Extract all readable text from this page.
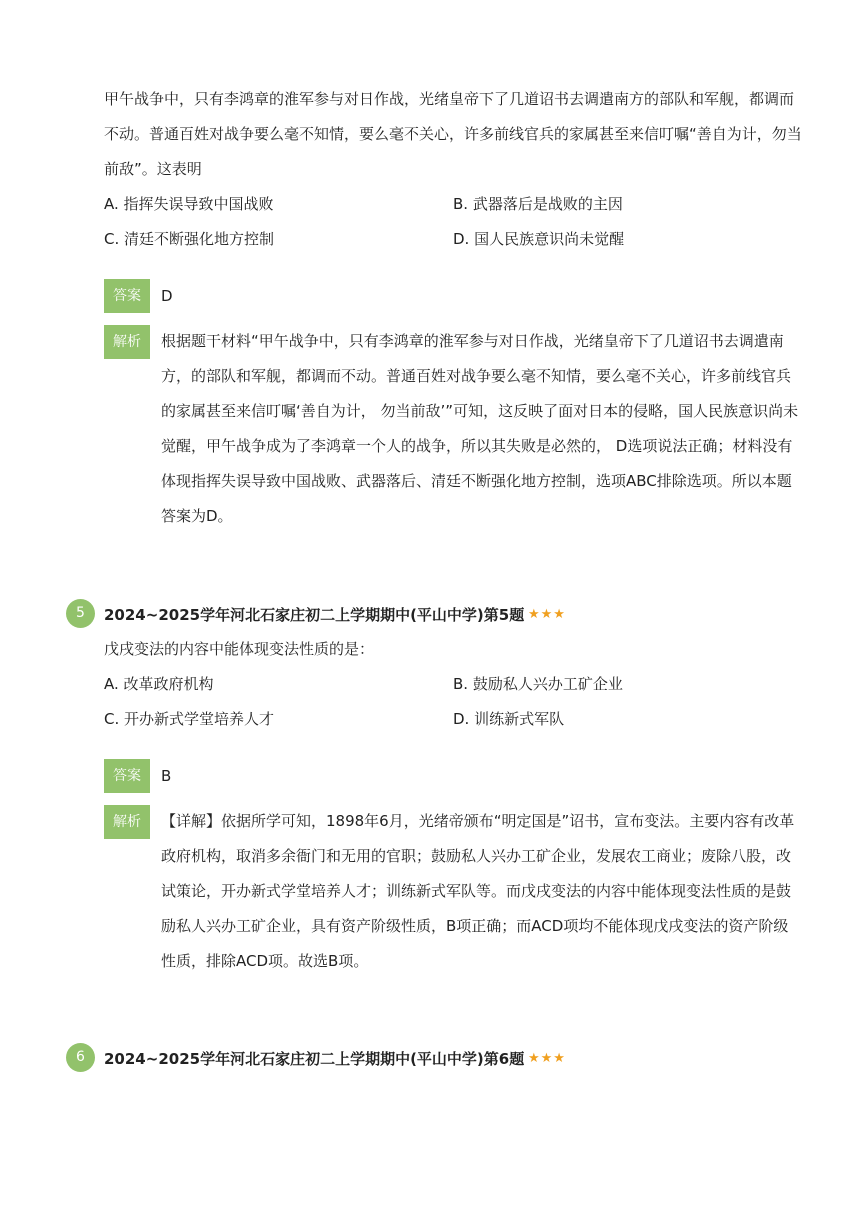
甲午战争中，只有李鸿章的淮军参与对日作战，光绪皇帝下了几道诏书去调遣南方的部队和军舰，都调而不动。普通百姓对战争要么毫不知情，要么毫不关心，许多前线官兵的家属甚至来信叮嘱“善自为计，勿当前敌”。这表明
A. 指挥失误导致中国战败	B. 武器落后是战败的主因
C. 清廷不断强化地方控制	D. 国人民族意识尚未觉醒
答案	D
解析	根据题干材料“甲午战争中，只有李鸿章的淮军参与对日作战，光绪皇帝下了几道诏书去调遣南方，的部队和军舰，都调而不动。普通百姓对战争要么毫不知情，要么毫不关心，许多前线官兵的家属甚至来信叮嘱‘善自为计， 勿当前敌’”可知，这反映了面对日本的侵略，国人民族意识尚未觉醒，甲午战争成为了李鸿章一个人的战争，所以其失败是必然的， D选项说法正确；材料没有体现指挥失误导致中国战败、武器落后、清廷不断强化地方控制，选项ABC排除选项。所以本题答案为D。
5	2024~2025学年河北石家庄初二上学期期中(平山中学)第5题 ★★★
戊戌变法的内容中能体现变法性质的是：
A. 改革政府机构	B. 鼓励私人兴办工矿企业
C. 开办新式学堂培养人才	D. 训练新式军队
答案	B
解析	【详解】依据所学可知，1898年6月，光绪帝颁布“明定国是”诏书，宣布变法。主要内容有改革政府机构，取消多余衙门和无用的官职；鼓励私人兴办工矿企业，发展农工商业；废除八股，改试策论，开办新式学堂培养人才；训练新式军队等。而戊戌变法的内容中能体现变法性质的是鼓励私人兴办工矿企业，具有资产阶级性质，B项正确；而ACD项均不能体现戊戌变法的资产阶级性质，排除ACD项。故选B项。
6	2024~2025学年河北石家庄初二上学期期中(平山中学)第6题 ★★★
